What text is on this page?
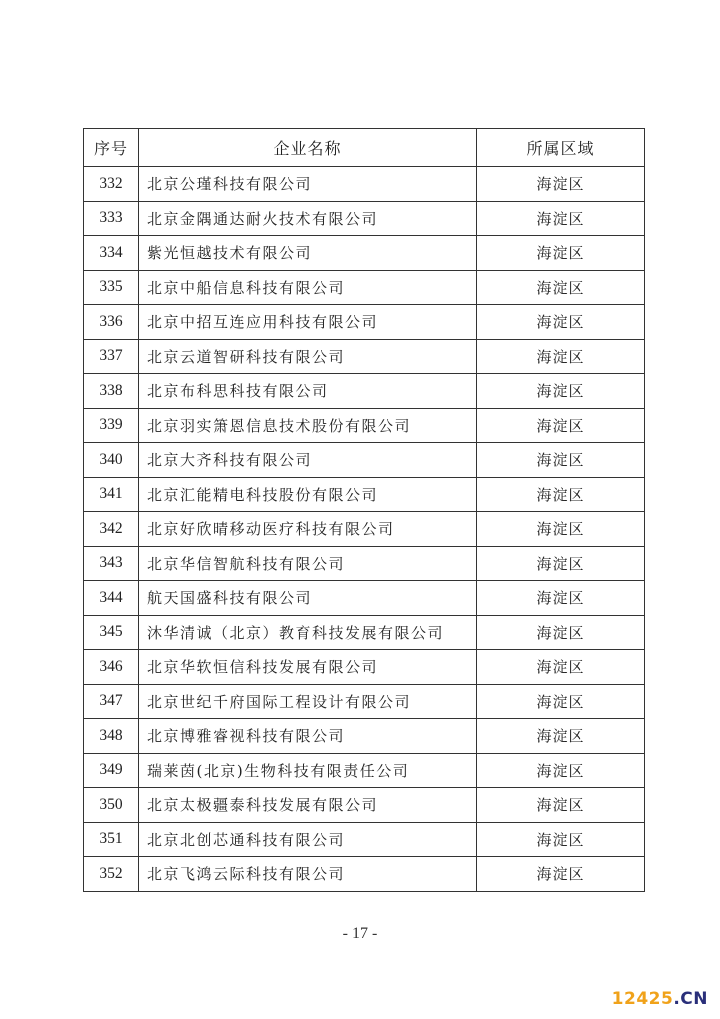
序号	企业名称	所属区域
332	北京公瑾科技有限公司	海淀区
333	北京金隅通达耐火技术有限公司	海淀区
334	紫光恒越技术有限公司	海淀区
335	北京中船信息科技有限公司	海淀区
336	北京中招互连应用科技有限公司	海淀区
337	北京云道智研科技有限公司	海淀区
338	北京布科思科技有限公司	海淀区
339	北京羽实箫恩信息技术股份有限公司	海淀区
340	北京大齐科技有限公司	海淀区
341	北京汇能精电科技股份有限公司	海淀区
342	北京好欣晴移动医疗科技有限公司	海淀区
343	北京华信智航科技有限公司	海淀区
344	航天国盛科技有限公司	海淀区
345	沐华清诚（北京）教育科技发展有限公司	海淀区
346	北京华软恒信科技发展有限公司	海淀区
347	北京世纪千府国际工程设计有限公司	海淀区
348	北京博雅睿视科技有限公司	海淀区
349	瑞莱茵(北京)生物科技有限责任公司	海淀区
350	北京太极疆泰科技发展有限公司	海淀区
351	北京北创芯通科技有限公司	海淀区
352	北京飞鸿云际科技有限公司	海淀区
- 17 -
12425.CN
